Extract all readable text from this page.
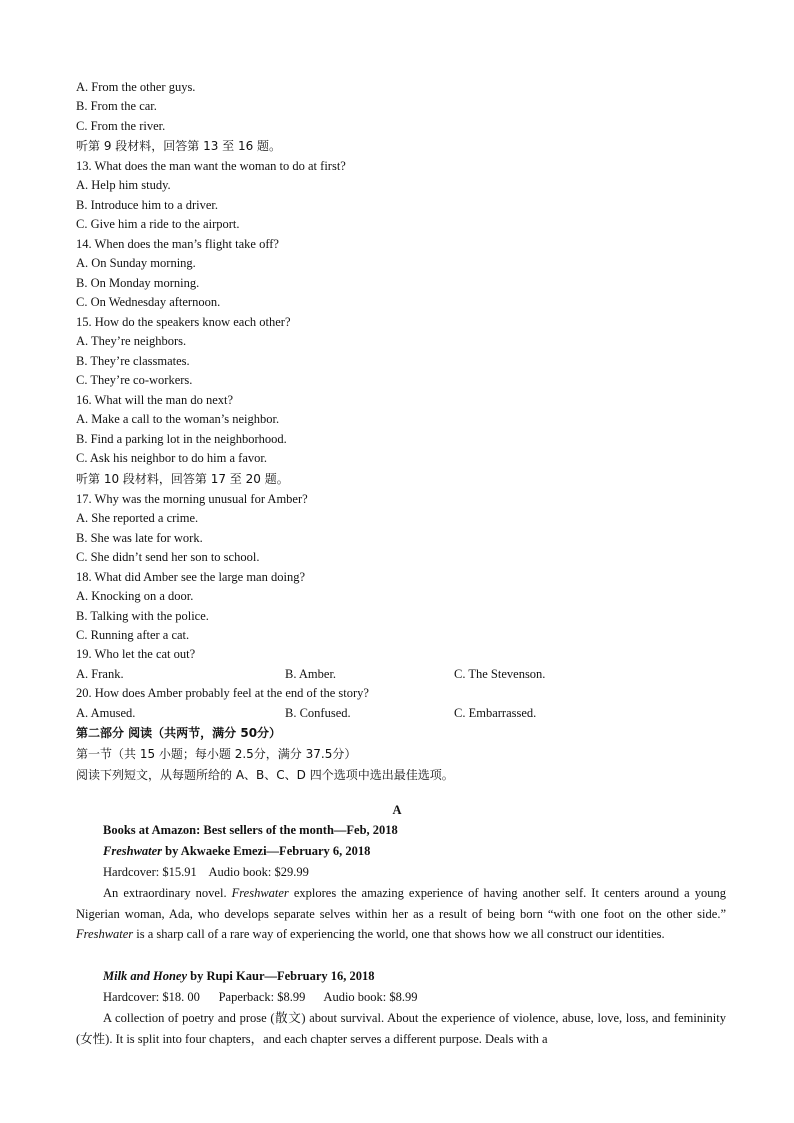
A. From the other guys.
B. From the car.
C. From the river.
听第 9 段材料，回答第 13 至 16 题。
13. What does the man want the woman to do at first?
A. Help him study.
B. Introduce him to a driver.
C. Give him a ride to the airport.
14. When does the man’s flight take off?
A. On Sunday morning.
B. On Monday morning.
C. On Wednesday afternoon.
15. How do the speakers know each other?
A. They’re neighbors.
B. They’re classmates.
C. They’re co-workers.
16. What will the man do next?
A. Make a call to the woman’s neighbor.
B. Find a parking lot in the neighborhood.
C. Ask his neighbor to do him a favor.
听第 10 段材料，回答第 17 至 20 题。
17. Why was the morning unusual for Amber?
A. She reported a crime.
B. She was late for work.
C. She didn’t send her son to school.
18. What did Amber see the large man doing?
A. Knocking on a door.
B. Talking with the police.
C. Running after a cat.
19. Who let the cat out?
A. Frank.	B. Amber.	C. The Stevenson.
20. How does Amber probably feel at the end of the story?
A. Amused.	B. Confused.	C. Embarrassed.
第二部分 阅读（共两节，满分 50分）
第一节（共 15 小题；每小题 2.5分，满分 37.5分）
阅读下列短文，从每题所给的 A、B、C、D 四个选项中选出最佳选项。
A
Books at Amazon: Best sellers of the month—Feb, 2018
Freshwater by Akwaeke Emezi—February 6, 2018
Hardcover: $15.91    Audio book: $29.99

An extraordinary novel. Freshwater explores the amazing experience of having another self. It centers around a young Nigerian woman, Ada, who develops separate selves within her as a result of being born “with one foot on the other side.” Freshwater is a sharp call of a rare way of experiencing the world, one that shows how we all construct our identities.

Milk and Honey by Rupi Kaur—February 16, 2018
Hardcover: $18. 00      Paperback: $8.99      Audio book: $8.99

A collection of poetry and prose (散文) about survival. About the experience of violence, abuse, love, loss, and femininity (女性). It is split into four chapters，and each chapter serves a different purpose. Deals with a
